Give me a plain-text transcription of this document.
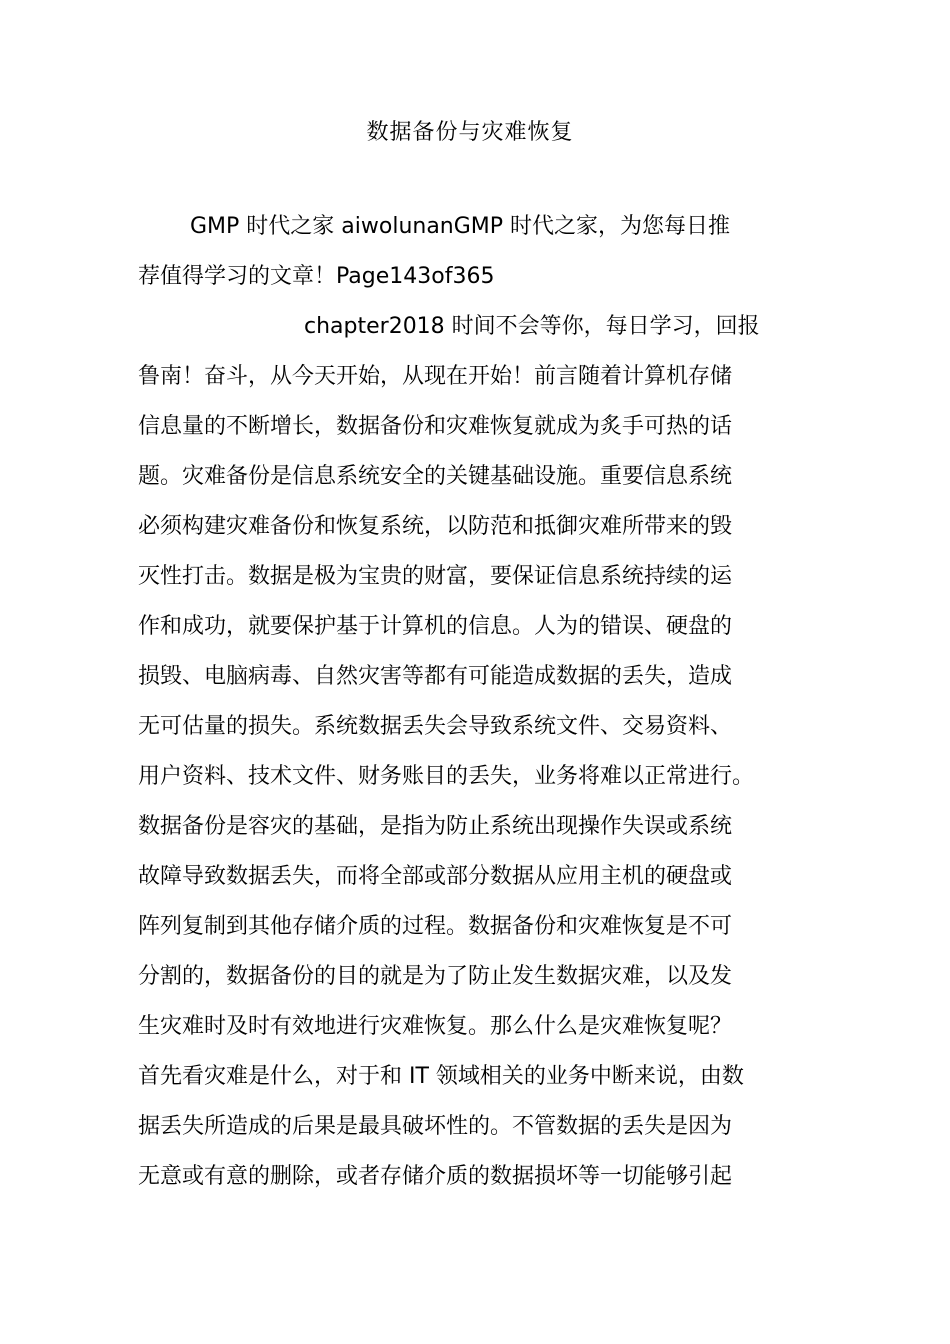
数据备份与灾难恢复
GMP 时代之家 aiwolunanGMP 时代之家，为您每日推
荐值得学习的文章！Page143of365
chapter2018 时间不会等你，每日学习，回报
鲁南！奋斗，从今天开始，从现在开始！前言随着计算机存储
信息量的不断增长，数据备份和灾难恢复就成为炙手可热的话
题。灾难备份是信息系统安全的关键基础设施。重要信息系统
必须构建灾难备份和恢复系统，以防范和抵御灾难所带来的毁
灭性打击。数据是极为宝贵的财富，要保证信息系统持续的运
作和成功，就要保护基于计算机的信息。人为的错误、硬盘的
损毁、电脑病毒、自然灾害等都有可能造成数据的丢失，造成
无可估量的损失。系统数据丢失会导致系统文件、交易资料、
用户资料、技术文件、财务账目的丢失，业务将难以正常进行。
数据备份是容灾的基础，是指为防止系统出现操作失误或系统
故障导致数据丢失，而将全部或部分数据从应用主机的硬盘或
阵列复制到其他存储介质的过程。数据备份和灾难恢复是不可
分割的，数据备份的目的就是为了防止发生数据灾难，以及发
生灾难时及时有效地进行灾难恢复。那么什么是灾难恢复呢？
首先看灾难是什么，对于和 IT 领域相关的业务中断来说，由数
据丢失所造成的后果是最具破坏性的。不管数据的丢失是因为
无意或有意的删除，或者存储介质的数据损坏等一切能够引起
